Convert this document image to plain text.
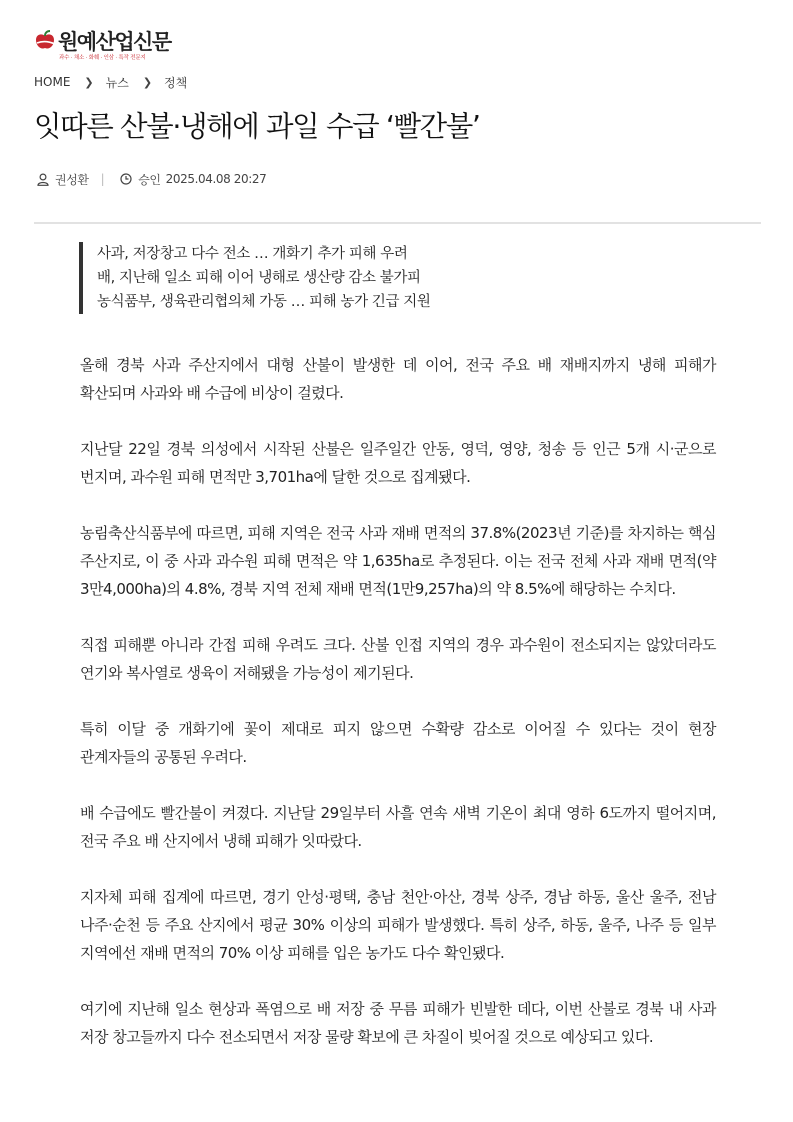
원예산업신문
과수 · 채소 · 화훼 · 인삼 · 특작 전문지
HOME ❯ 뉴스 ❯ 정책
잇따른 산불·냉해에 과일 수급 ‘빨간불’
권성환 |	승인 2025.04.08 20:27
사과, 저장창고 다수 전소 … 개화기 추가 피해 우려
배, 지난해 일소 피해 이어 냉해로 생산량 감소 불가피
농식품부, 생육관리협의체 가동 … 피해 농가 긴급 지원

올해 경북 사과 주산지에서 대형 산불이 발생한 데 이어, 전국 주요 배 재배지까지 냉해 피해가 확산되며 사과와 배 수급에 비상이 걸렸다.

지난달 22일 경북 의성에서 시작된 산불은 일주일간 안동, 영덕, 영양, 청송 등 인근 5개 시·군으로 번지며, 과수원 피해 면적만 3,701ha에 달한 것으로 집계됐다.

농림축산식품부에 따르면, 피해 지역은 전국 사과 재배 면적의 37.8%(2023년 기준)를 차지하는 핵심 주산지로, 이 중 사과 과수원 피해 면적은 약 1,635ha로 추정된다. 이는 전국 전체 사과 재배 면적(약 3만4,000ha)의 4.8%, 경북 지역 전체 재배 면적(1만9,257ha)의 약 8.5%에 해당하는 수치다.

직접 피해뿐 아니라 간접 피해 우려도 크다. 산불 인접 지역의 경우 과수원이 전소되지는 않았더라도 연기와 복사열로 생육이 저해됐을 가능성이 제기된다.

특히 이달 중 개화기에 꽃이 제대로 피지 않으면 수확량 감소로 이어질 수 있다는 것이 현장 관계자들의 공통된 우려다.

배 수급에도 빨간불이 켜졌다. 지난달 29일부터 사흘 연속 새벽 기온이 최대 영하 6도까지 떨어지며, 전국 주요 배 산지에서 냉해 피해가 잇따랐다.

지자체 피해 집계에 따르면, 경기 안성·평택, 충남 천안·아산, 경북 상주, 경남 하동, 울산 울주, 전남 나주·순천 등 주요 산지에서 평균 30% 이상의 피해가 발생했다. 특히 상주, 하동, 울주, 나주 등 일부 지역에선 재배 면적의 70% 이상 피해를 입은 농가도 다수 확인됐다.

여기에 지난해 일소 현상과 폭염으로 배 저장 중 무름 피해가 빈발한 데다, 이번 산불로 경북 내 사과 저장 창고들까지 다수 전소되면서 저장 물량 확보에 큰 차질이 빚어질 것으로 예상되고 있다.
